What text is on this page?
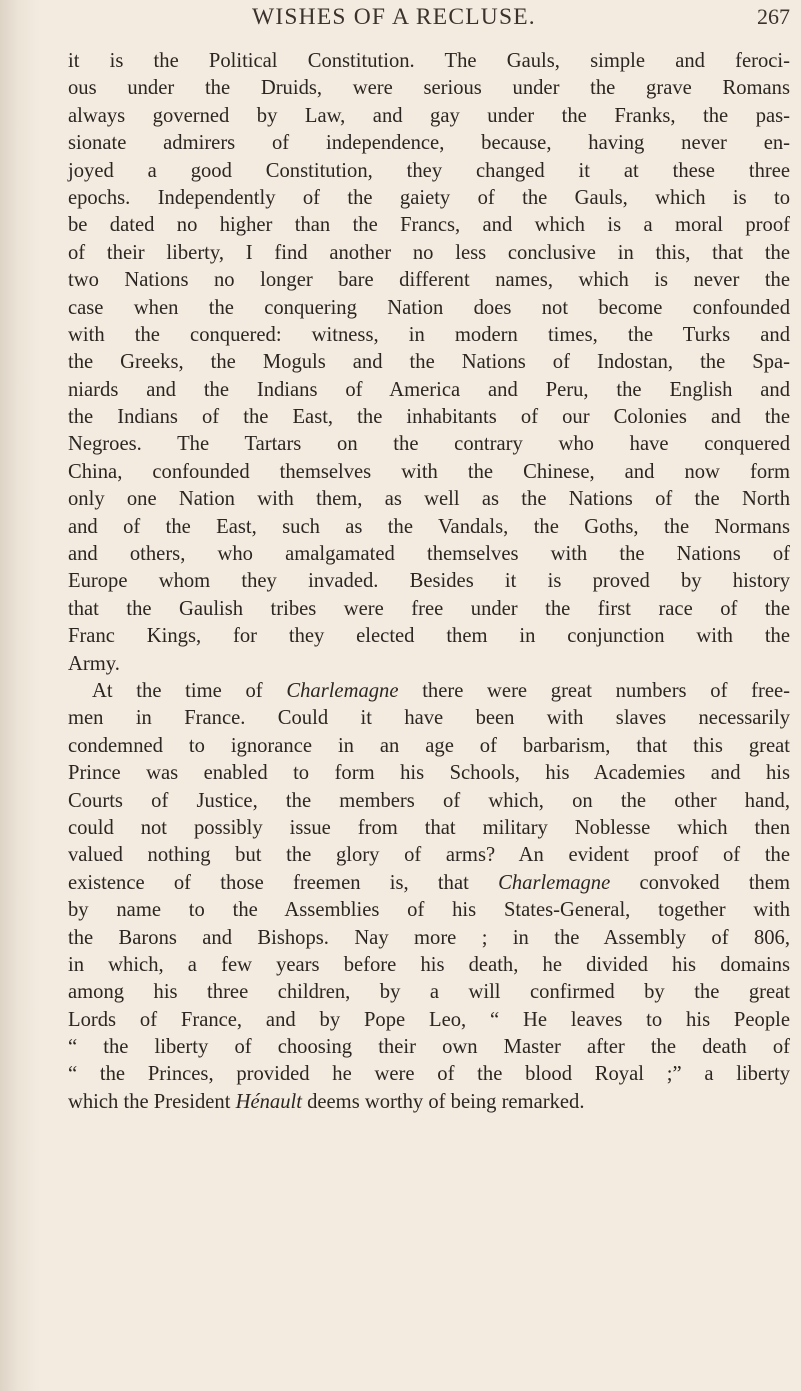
WISHES OF A RECLUSE.	267
it is the Political Constitution. The Gauls, simple and feroci-
ous under the Druids, were serious under the grave Romans
always governed by Law, and gay under the Franks, the pas-
sionate admirers of independence, because, having never en-
joyed a good Constitution, they changed it at these three
epochs. Independently of the gaiety of the Gauls, which is to
be dated no higher than the Francs, and which is a moral proof
of their liberty, I find another no less conclusive in this, that the
two Nations no longer bare different names, which is never the
case when the conquering Nation does not become confounded
with the conquered: witness, in modern times, the Turks and
the Greeks, the Moguls and the Nations of Indostan, the Spa-
niards and the Indians of America and Peru, the English and
the Indians of the East, the inhabitants of our Colonies and the
Negroes. The Tartars on the contrary who have conquered
China, confounded themselves with the Chinese, and now form
only one Nation with them, as well as the Nations of the North
and of the East, such as the Vandals, the Goths, the Normans
and others, who amalgamated themselves with the Nations of
Europe whom they invaded. Besides it is proved by history
that the Gaulish tribes were free under the first race of the
Franc Kings, for they elected them in conjunction with the
Army.
At the time of Charlemagne there were great numbers of free-
men in France. Could it have been with slaves necessarily
condemned to ignorance in an age of barbarism, that this great
Prince was enabled to form his Schools, his Academies and his
Courts of Justice, the members of which, on the other hand,
could not possibly issue from that military Noblesse which then
valued nothing but the glory of arms? An evident proof of the
existence of those freemen is, that Charlemagne convoked them
by name to the Assemblies of his States-General, together with
the Barons and Bishops. Nay more ; in the Assembly of 806,
in which, a few years before his death, he divided his domains
among his three children, by a will confirmed by the great
Lords of France, and by Pope Leo, “ He leaves to his People
“ the liberty of choosing their own Master after the death of
“ the Princes, provided he were of the blood Royal ;” a liberty
which the President Hénault deems worthy of being remarked.
